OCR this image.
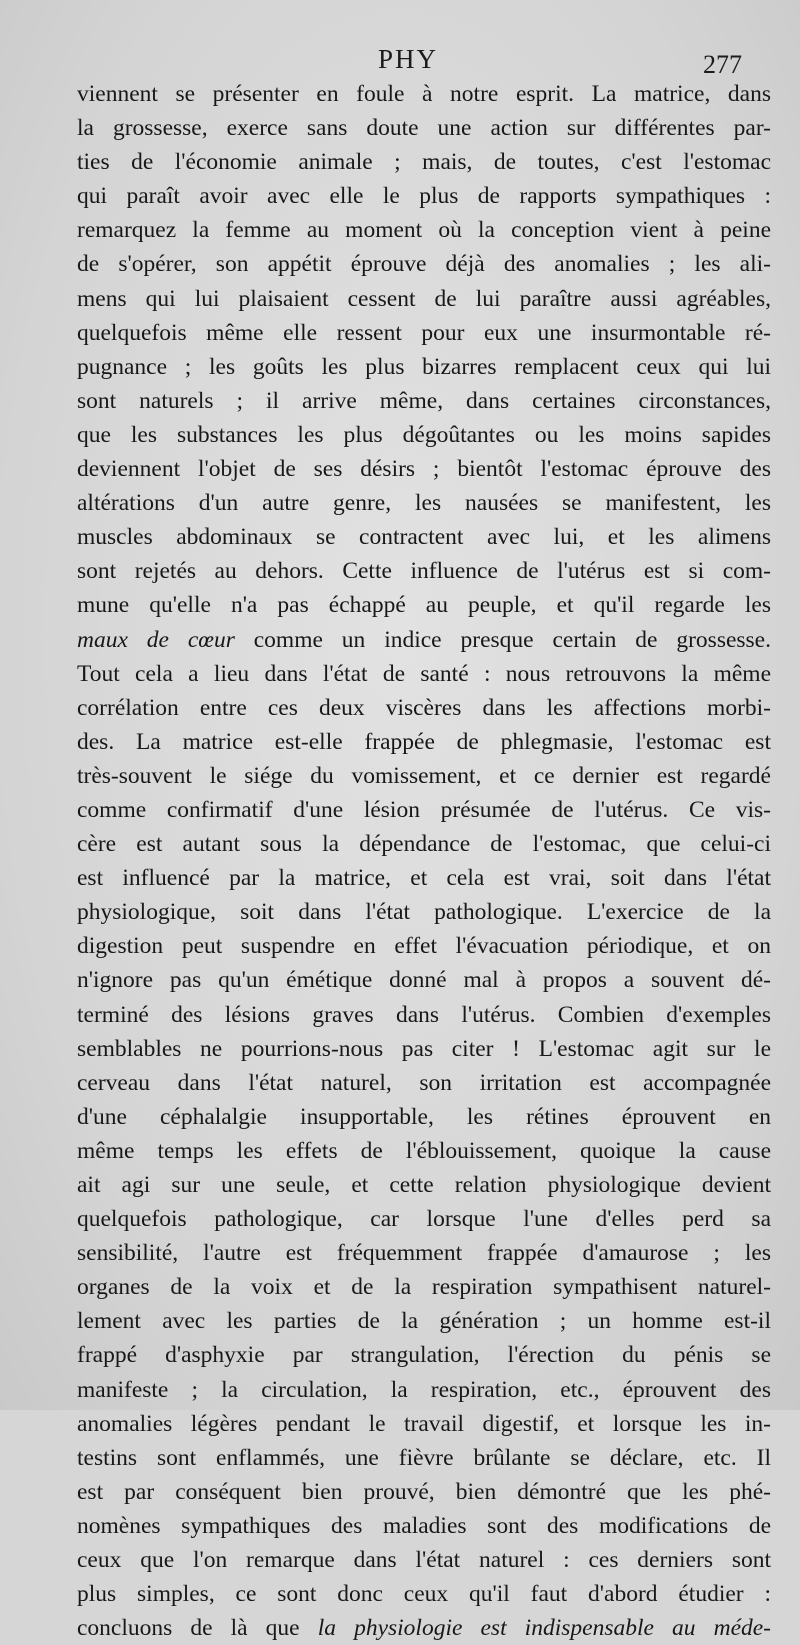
PHY	277
viennent se présenter en foule à notre esprit. La matrice, dans
la grossesse, exerce sans doute une action sur différentes par-
ties de l'économie animale ; mais, de toutes, c'est l'estomac
qui paraît avoir avec elle le plus de rapports sympathiques :
remarquez la femme au moment où la conception vient à peine
de s'opérer, son appétit éprouve déjà des anomalies ; les ali-
mens qui lui plaisaient cessent de lui paraître aussi agréables,
quelquefois même elle ressent pour eux une insurmontable ré-
pugnance ; les goûts les plus bizarres remplacent ceux qui lui
sont naturels ; il arrive même, dans certaines circonstances,
que les substances les plus dégoûtantes ou les moins sapides
deviennent l'objet de ses désirs ; bientôt l'estomac éprouve des
altérations d'un autre genre, les nausées se manifestent, les
muscles abdominaux se contractent avec lui, et les alimens
sont rejetés au dehors. Cette influence de l'utérus est si com-
mune qu'elle n'a pas échappé au peuple, et qu'il regarde les
maux de cœur comme un indice presque certain de grossesse.
Tout cela a lieu dans l'état de santé : nous retrouvons la même
corrélation entre ces deux viscères dans les affections morbi-
des. La matrice est-elle frappée de phlegmasie, l'estomac est
très-souvent le siége du vomissement, et ce dernier est regardé
comme confirmatif d'une lésion présumée de l'utérus. Ce vis-
cère est autant sous la dépendance de l'estomac, que celui-ci
est influencé par la matrice, et cela est vrai, soit dans l'état
physiologique, soit dans l'état pathologique. L'exercice de la
digestion peut suspendre en effet l'évacuation périodique, et on
n'ignore pas qu'un émétique donné mal à propos a souvent dé-
terminé des lésions graves dans l'utérus. Combien d'exemples
semblables ne pourrions-nous pas citer ! L'estomac agit sur le
cerveau dans l'état naturel, son irritation est accompagnée
d'une céphalalgie insupportable, les rétines éprouvent en
même temps les effets de l'éblouissement, quoique la cause
ait agi sur une seule, et cette relation physiologique devient
quelquefois pathologique, car lorsque l'une d'elles perd sa
sensibilité, l'autre est fréquemment frappée d'amaurose ; les
organes de la voix et de la respiration sympathisent naturel-
lement avec les parties de la génération ; un homme est-il
frappé d'asphyxie par strangulation, l'érection du pénis se
manifeste ; la circulation, la respiration, etc., éprouvent des
anomalies légères pendant le travail digestif, et lorsque les in-
testins sont enflammés, une fièvre brûlante se déclare, etc. Il
est par conséquent bien prouvé, bien démontré que les phé-
nomènes sympathiques des maladies sont des modifications de
ceux que l'on remarque dans l'état naturel : ces derniers sont
plus simples, ce sont donc ceux qu'il faut d'abord étudier :
concluons de là que la physiologie est indispensable au méde-
